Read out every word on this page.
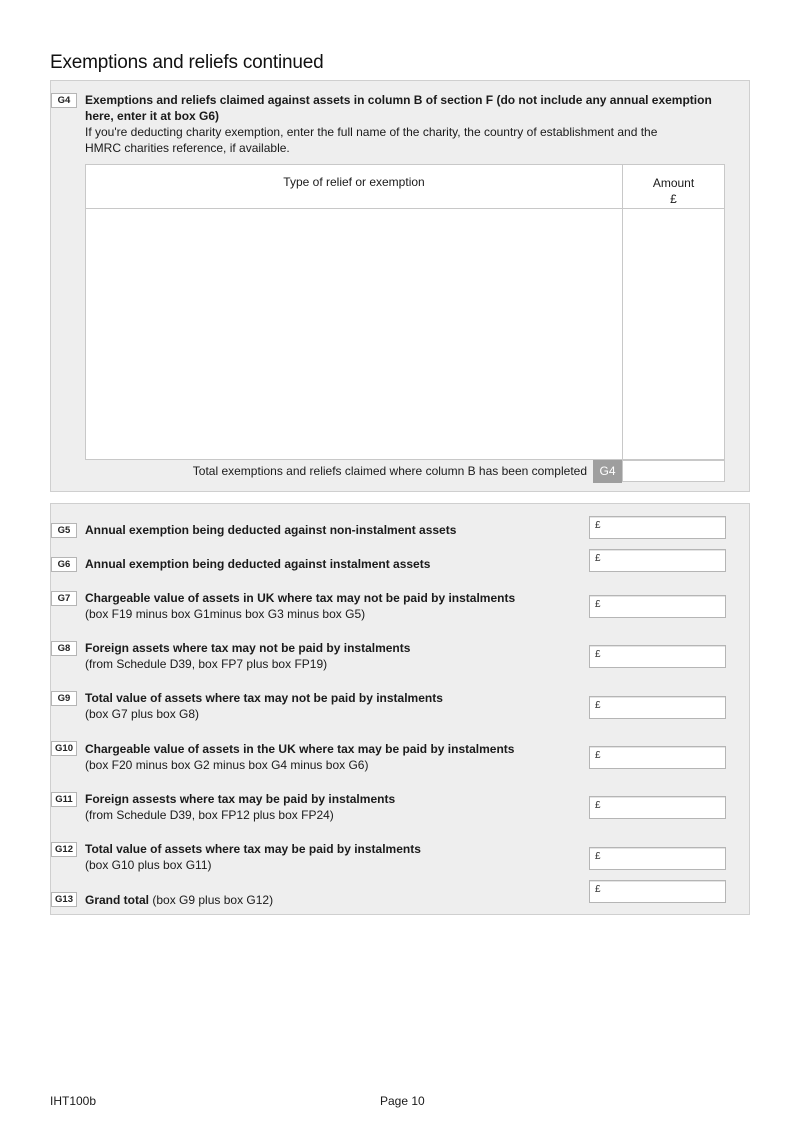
Exemptions and reliefs continued
G4	Exemptions and reliefs claimed against assets in column B of section F (do not include any annual exemption here, enter it at box G6)
If you're deducting charity exemption, enter the full name of the charity, the country of establishment and the HMRC charities reference, if available.
Type of relief or exemption	Amount
£
Total exemptions and reliefs claimed where column B has been completed	G4
G5	Annual exemption being deducted against non-instalment assets	£
G6	Annual exemption being deducted against instalment assets	£
G7	Chargeable value of assets in UK where tax may not be paid by instalments
(box F19 minus box G1minus box G3 minus box G5)
£
G8	Foreign assets where tax may not be paid by instalments
(from Schedule D39, box FP7 plus box FP19)
£
G9	Total value of assets where tax may not be paid by instalments
(box G7 plus box G8)
£
G10	Chargeable value of assets in the UK where tax may be paid by instalments
(box F20 minus box G2 minus box G4 minus box G6)
£
G11	Foreign assests where tax may be paid by instalments
(from Schedule D39, box FP12 plus box FP24)
£
G12	Total value of assets where tax may be paid by instalments
(box G10 plus box G11)
£
G13	Grand total (box G9 plus box G12)
£
IHT100b	Page 10
